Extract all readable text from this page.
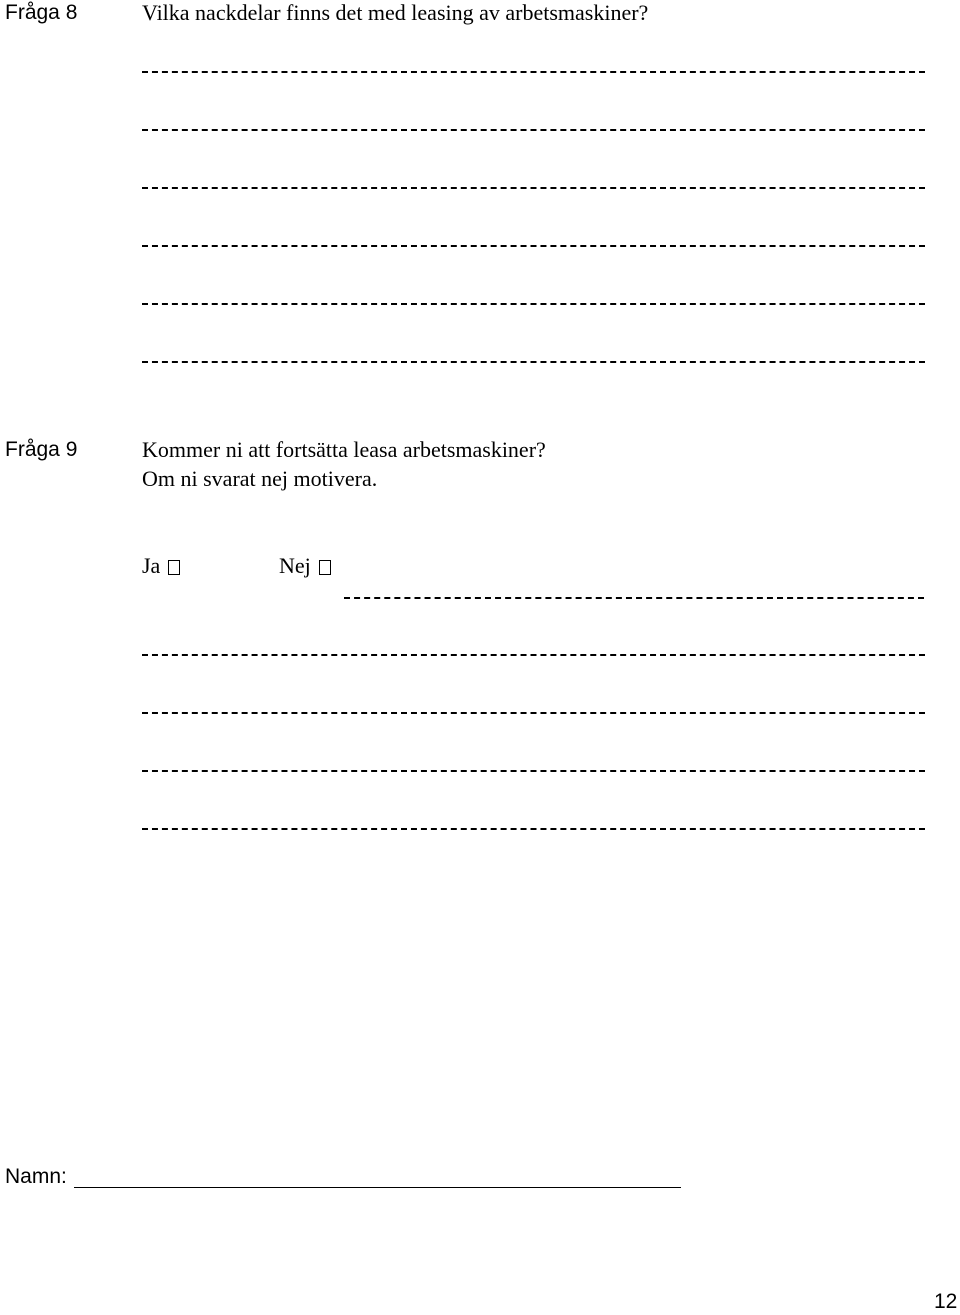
Fråga 8	Vilka nackdelar finns det med leasing av arbetsmaskiner?
Fråga 9	Kommer ni att fortsätta leasa arbetsmaskiner?
Om ni svarat nej motivera.
Ja	Nej
Namn:
12
